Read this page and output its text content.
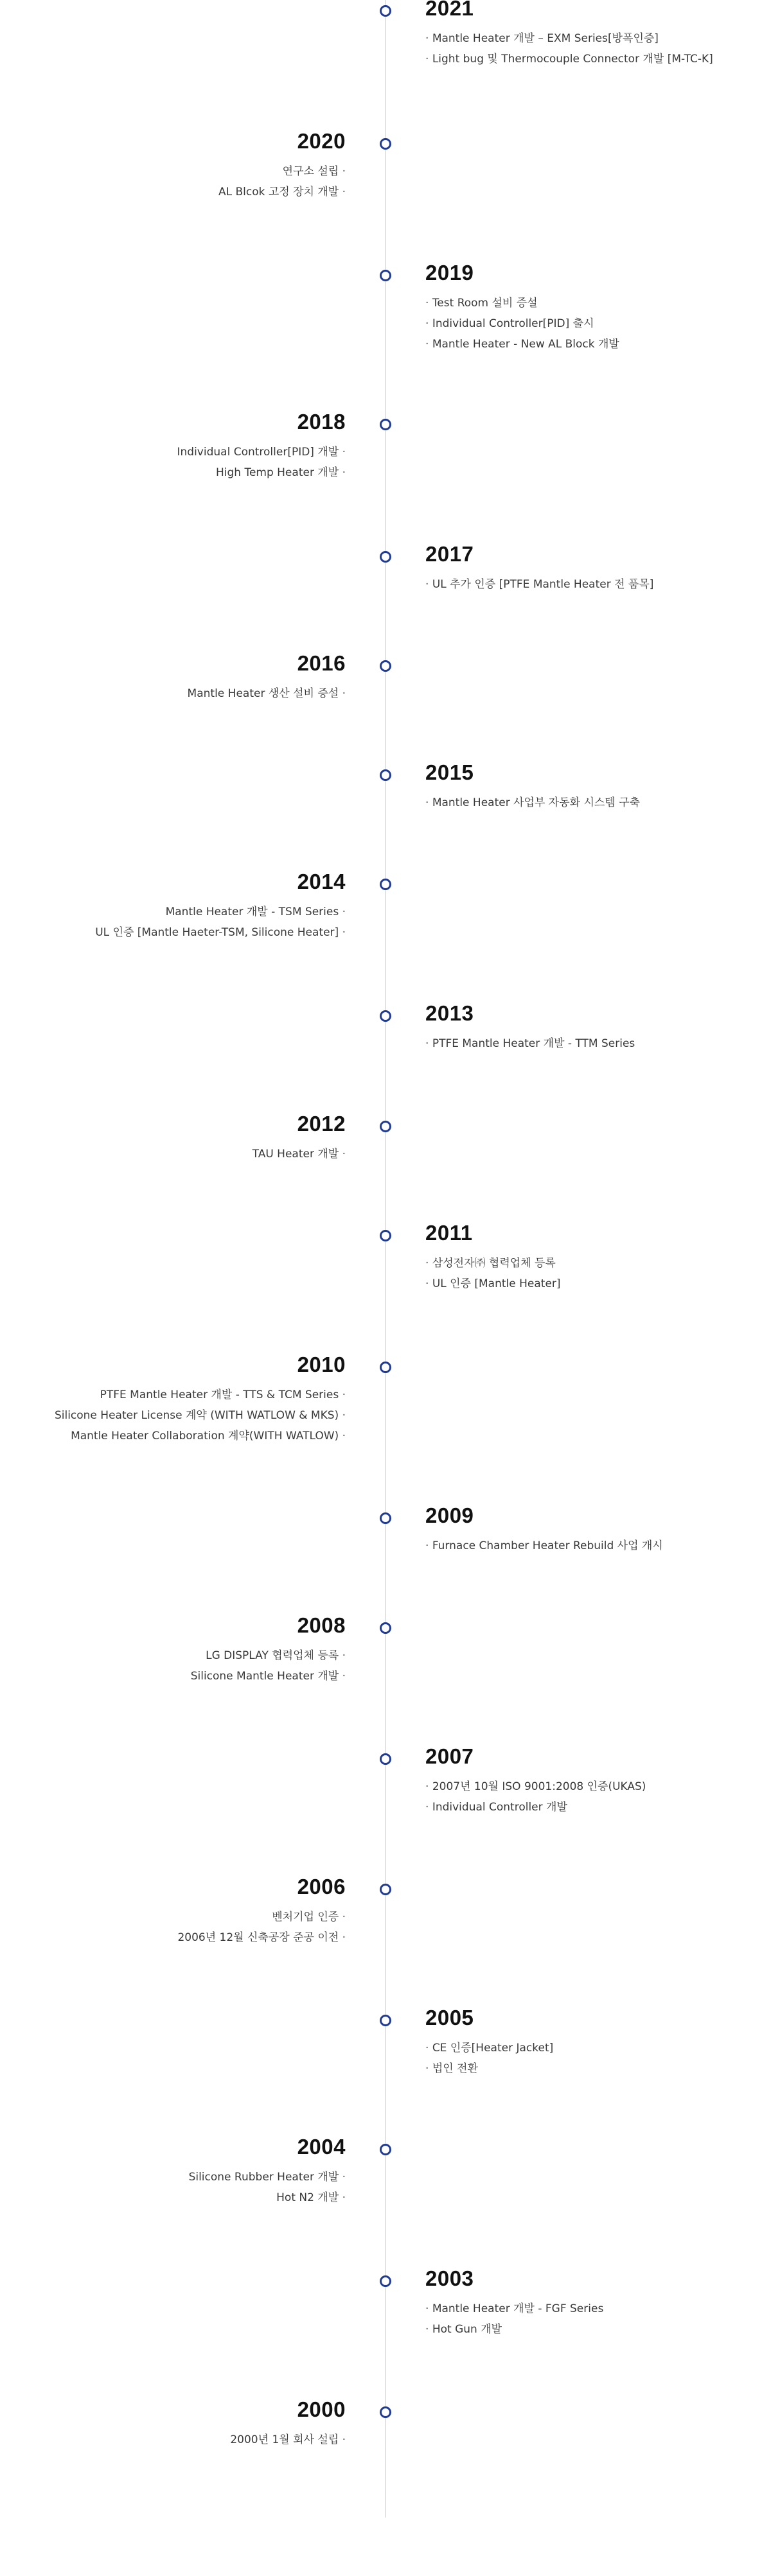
2021
· Mantle Heater 개발 – EXM Series[방폭인증]
· Light bug 및 Thermocouple Connector 개발 [M-TC-K]
2020
연구소 설립 ·
AL Blcok 고정 장치 개발 ·
2019
· Test Room 설비 증설
· Individual Controller[PID] 출시
· Mantle Heater - New AL Block 개발
2018
Individual Controller[PID] 개발 ·
High Temp Heater 개발 ·
2017
· UL 추가 인증 [PTFE Mantle Heater 전 품목]
2016
Mantle Heater 생산 설비 증설 ·
2015
· Mantle Heater 사업부 자동화 시스템 구축
2014
Mantle Heater 개발 - TSM Series ·
UL 인증 [Mantle Haeter-TSM, Silicone Heater] ·
2013
· PTFE Mantle Heater 개발 - TTM Series
2012
TAU Heater 개발 ·
2011
· 삼성전자㈜ 협력업체 등록
· UL 인증 [Mantle Heater]
2010
PTFE Mantle Heater 개발 - TTS & TCM Series ·
Silicone Heater License 계약 (WITH WATLOW & MKS) ·
Mantle Heater Collaboration 계약(WITH WATLOW) ·
2009
· Furnace Chamber Heater Rebuild 사업 개시
2008
LG DISPLAY 협력업체 등록 ·
Silicone Mantle Heater 개발 ·
2007
· 2007년 10월 ISO 9001:2008 인증(UKAS)
· Individual Controller 개발
2006
벤처기업 인증 ·
2006년 12월 신축공장 준공 이전 ·
2005
· CE 인증[Heater Jacket]
· 법인 전환
2004
Silicone Rubber Heater 개발 ·
Hot N2 개발 ·
2003
· Mantle Heater 개발 - FGF Series
· Hot Gun 개발
2000
2000년 1월 회사 설립 ·
